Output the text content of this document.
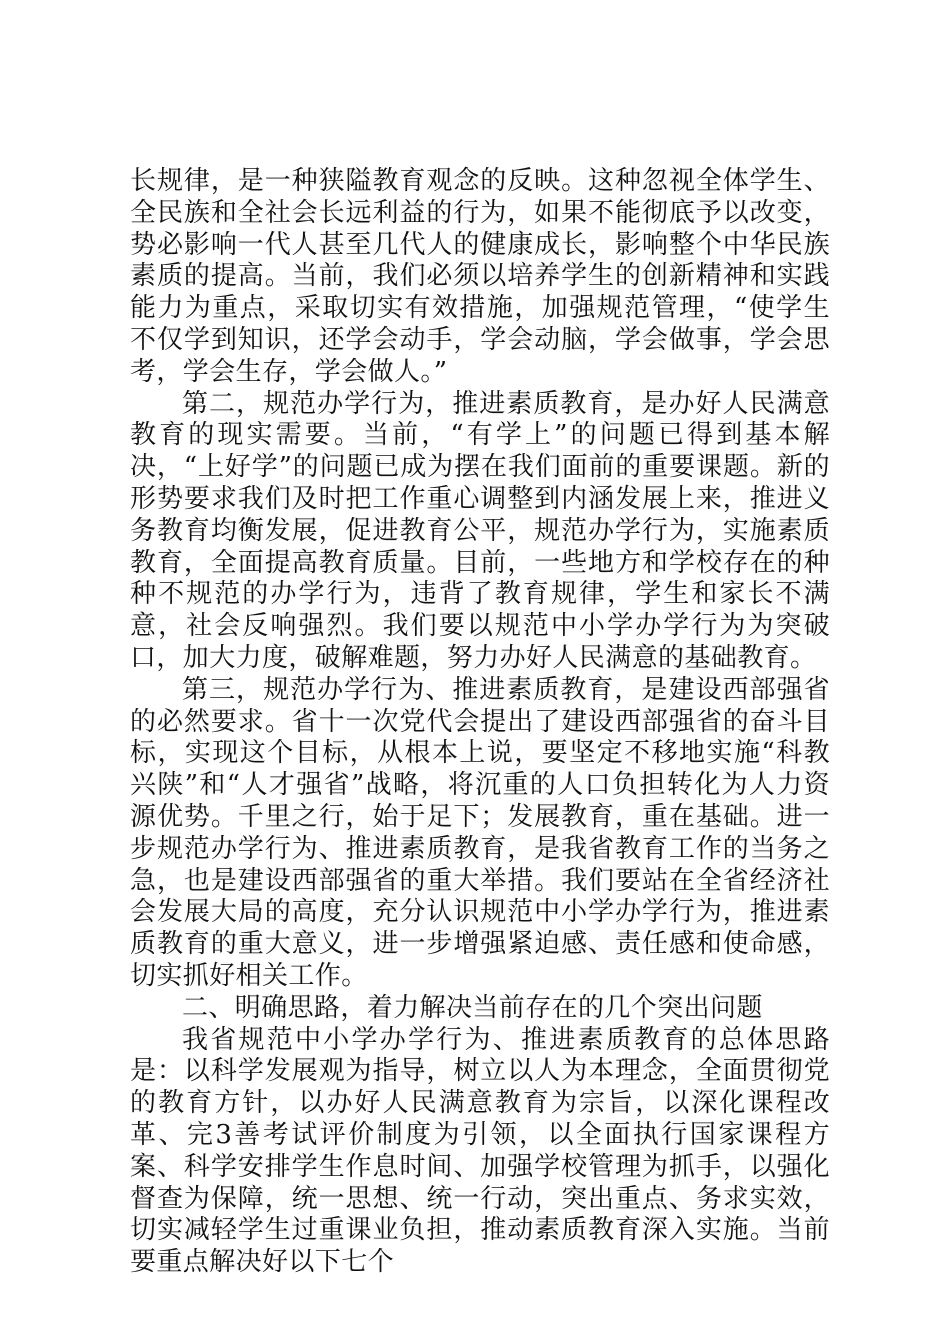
长规律，是一种狭隘教育观念的反映。这种忽视全体学生、全民族和全社会长远利益的行为，如果不能彻底予以改变，势必影响一代人甚至几代人的健康成长，影响整个中华民族素质的提高。当前，我们必须以培养学生的创新精神和实践能力为重点，采取切实有效措施，加强规范管理，“使学生不仅学到知识，还学会动手，学会动脑，学会做事，学会思考，学会生存，学会做人。”

第二，规范办学行为，推进素质教育，是办好人民满意教育的现实需要。当前，“有学上”的问题已得到基本解决，“上好学”的问题已成为摆在我们面前的重要课题。新的形势要求我们及时把工作重心调整到内涵发展上来，推进义务教育均衡发展，促进教育公平，规范办学行为，实施素质教育，全面提高教育质量。目前，一些地方和学校存在的种种不规范的办学行为，违背了教育规律，学生和家长不满意，社会反响强烈。我们要以规范中小学办学行为为突破口，加大力度，破解难题，努力办好人民满意的基础教育。

第三，规范办学行为、推进素质教育，是建设西部强省的必然要求。省十一次党代会提出了建设西部强省的奋斗目标，实现这个目标，从根本上说，要坚定不移地实施“科教兴陕”和“人才强省”战略，将沉重的人口负担转化为人力资源优势。千里之行，始于足下；发展教育，重在基础。进一步规范办学行为、推进素质教育，是我省教育工作的当务之急，也是建设西部强省的重大举措。我们要站在全省经济社会发展大局的高度，充分认识规范中小学办学行为，推进素质教育的重大意义，进一步增强紧迫感、责任感和使命感，切实抓好相关工作。

二、明确思路，着力解决当前存在的几个突出问题

我省规范中小学办学行为、推进素质教育的总体思路是：以科学发展观为指导，树立以人为本理念，全面贯彻党的教育方针，以办好人民满意教育为宗旨，以深化课程改革、完3善考试评价制度为引领，以全面执行国家课程方案、科学安排学生作息时间、加强学校管理为抓手，以强化督查为保障，统一思想、统一行动，突出重点、务求实效，切实减轻学生过重课业负担，推动素质教育深入实施。当前要重点解决好以下七个
